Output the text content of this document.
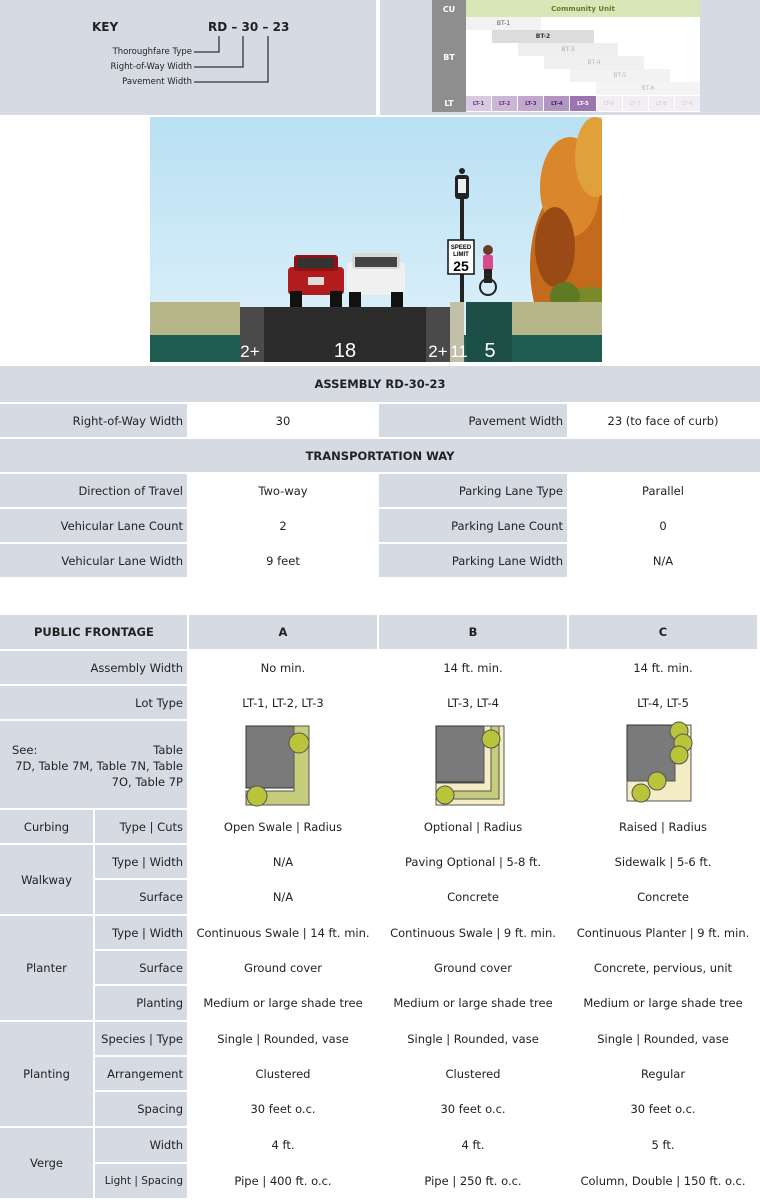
KEY	RD – 30 – 23
Thoroughfare Type
Right-of-Way Width
Pavement Width
CU
BT
LT
Community Unit
BT-1
BT-2
BT-3
BT-4
BT-5
BT-6
LT-1	LT-2	LT-3	LT-4	LT-5	LT-6	LT-7	LT-8	LT-9
SPEED
LIMIT
25
2+	18	2+ 1
1 5
ASSEMBLY RD-30-23
Right-of-Way Width	30	Pavement Width	23 (to face of curb)
TRANSPORTATION WAY
Direction of Travel	Two-way	Parking Lane Type	Parallel
Vehicular Lane Count	2	Parking Lane Count	0
Vehicular Lane Width	9 feet	Parking Lane Width	N/A
PUBLIC FRONTAGE	A	B	C
Assembly Width	No min.	14 ft. min.	14 ft. min.
Lot Type	LT-1, LT-2, LT-3	LT-3, LT-4	LT-4, LT-5
See:	Table
7D, Table 7M, Table 7N, Table
7O, Table 7P
Curbing	Type | Cuts	Open Swale | Radius	Optional | Radius	Raised | Radius
Walkway
Type | Width	N/A	Paving Optional | 5-8 ft.	Sidewalk | 5-6 ft.
Surface	N/A	Concrete	Concrete
Planter
Type | Width	Continuous Swale | 14 ft. min.	Continuous Swale | 9 ft. min.	Continuous Planter | 9 ft. min.
Surface	Ground cover	Ground cover	Concrete, pervious, unit
Planting	Medium or large shade tree	Medium or large shade tree	Medium or large shade tree
Planting
Species | Type	Single | Rounded, vase	Single | Rounded, vase	Single | Rounded, vase
Arrangement	Clustered	Clustered	Regular
Spacing	30 feet o.c.	30 feet o.c.	30 feet o.c.
Verge
Width	4 ft.	4 ft.	5 ft.
Light | Spacing	Pipe | 400 ft. o.c.	Pipe | 250 ft. o.c.	Column, Double | 150 ft. o.c.
